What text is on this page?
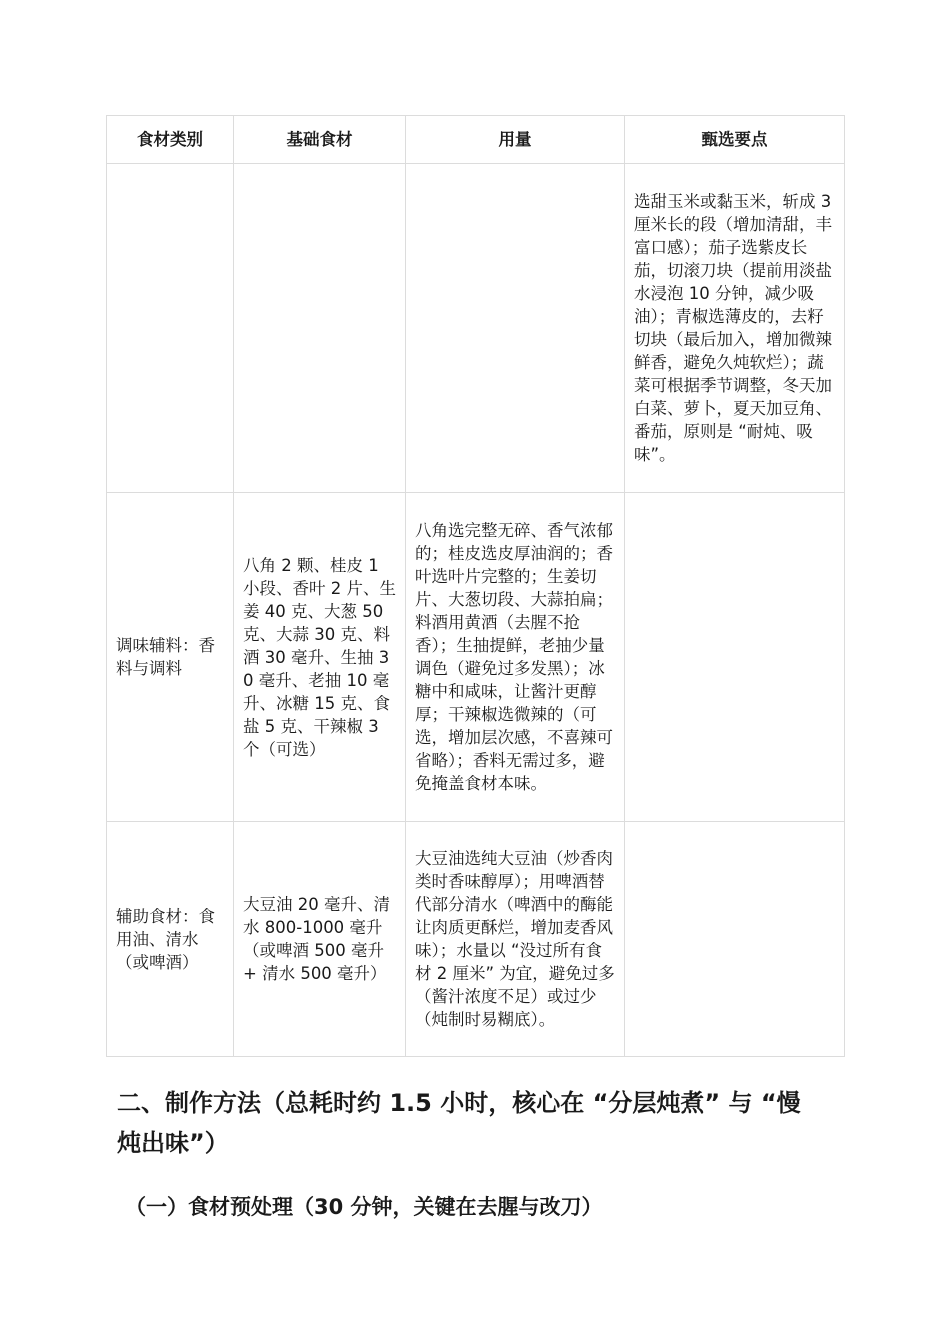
食材类别	基础食材	用量	甄选要点
			选甜玉米或黏玉米，斩成 3 厘米长的段（增加清甜，丰富口感）；茄子选紫皮长茄，切滚刀块（提前用淡盐水浸泡 10 分钟，减少吸油）；青椒选薄皮的，去籽切块（最后加入，增加微辣鲜香，避免久炖软烂）；蔬菜可根据季节调整，冬天加白菜、萝卜，夏天加豆角、番茄，原则是 “耐炖、吸味”。
调味辅料：香料与调料	八角 2 颗、桂皮 1 小段、香叶 2 片、生姜 40 克、大葱 50 克、大蒜 30 克、料酒 30 毫升、生抽 30 毫升、老抽 10 毫升、冰糖 15 克、食盐 5 克、干辣椒 3 个（可选）	八角选完整无碎、香气浓郁的；桂皮选皮厚油润的；香叶选叶片完整的；生姜切片、大葱切段、大蒜拍扁；料酒用黄酒（去腥不抢香）；生抽提鲜，老抽少量调色（避免过多发黑）；冰糖中和咸味，让酱汁更醇厚；干辣椒选微辣的（可选，增加层次感，不喜辣可省略）；香料无需过多，避免掩盖食材本味。	
辅助食材：食用油、清水（或啤酒）	大豆油 20 毫升、清水 800-1000 毫升（或啤酒 500 毫升 + 清水 500 毫升）	大豆油选纯大豆油（炒香肉类时香味醇厚）；用啤酒替代部分清水（啤酒中的酶能让肉质更酥烂，增加麦香风味）；水量以 “没过所有食材 2 厘米” 为宜，避免过多（酱汁浓度不足）或过少（炖制时易糊底）。	
二、制作方法（总耗时约 1.5 小时，核心在 “分层炖煮” 与 “慢炖出味”）
（一）食材预处理（30 分钟，关键在去腥与改刀）
